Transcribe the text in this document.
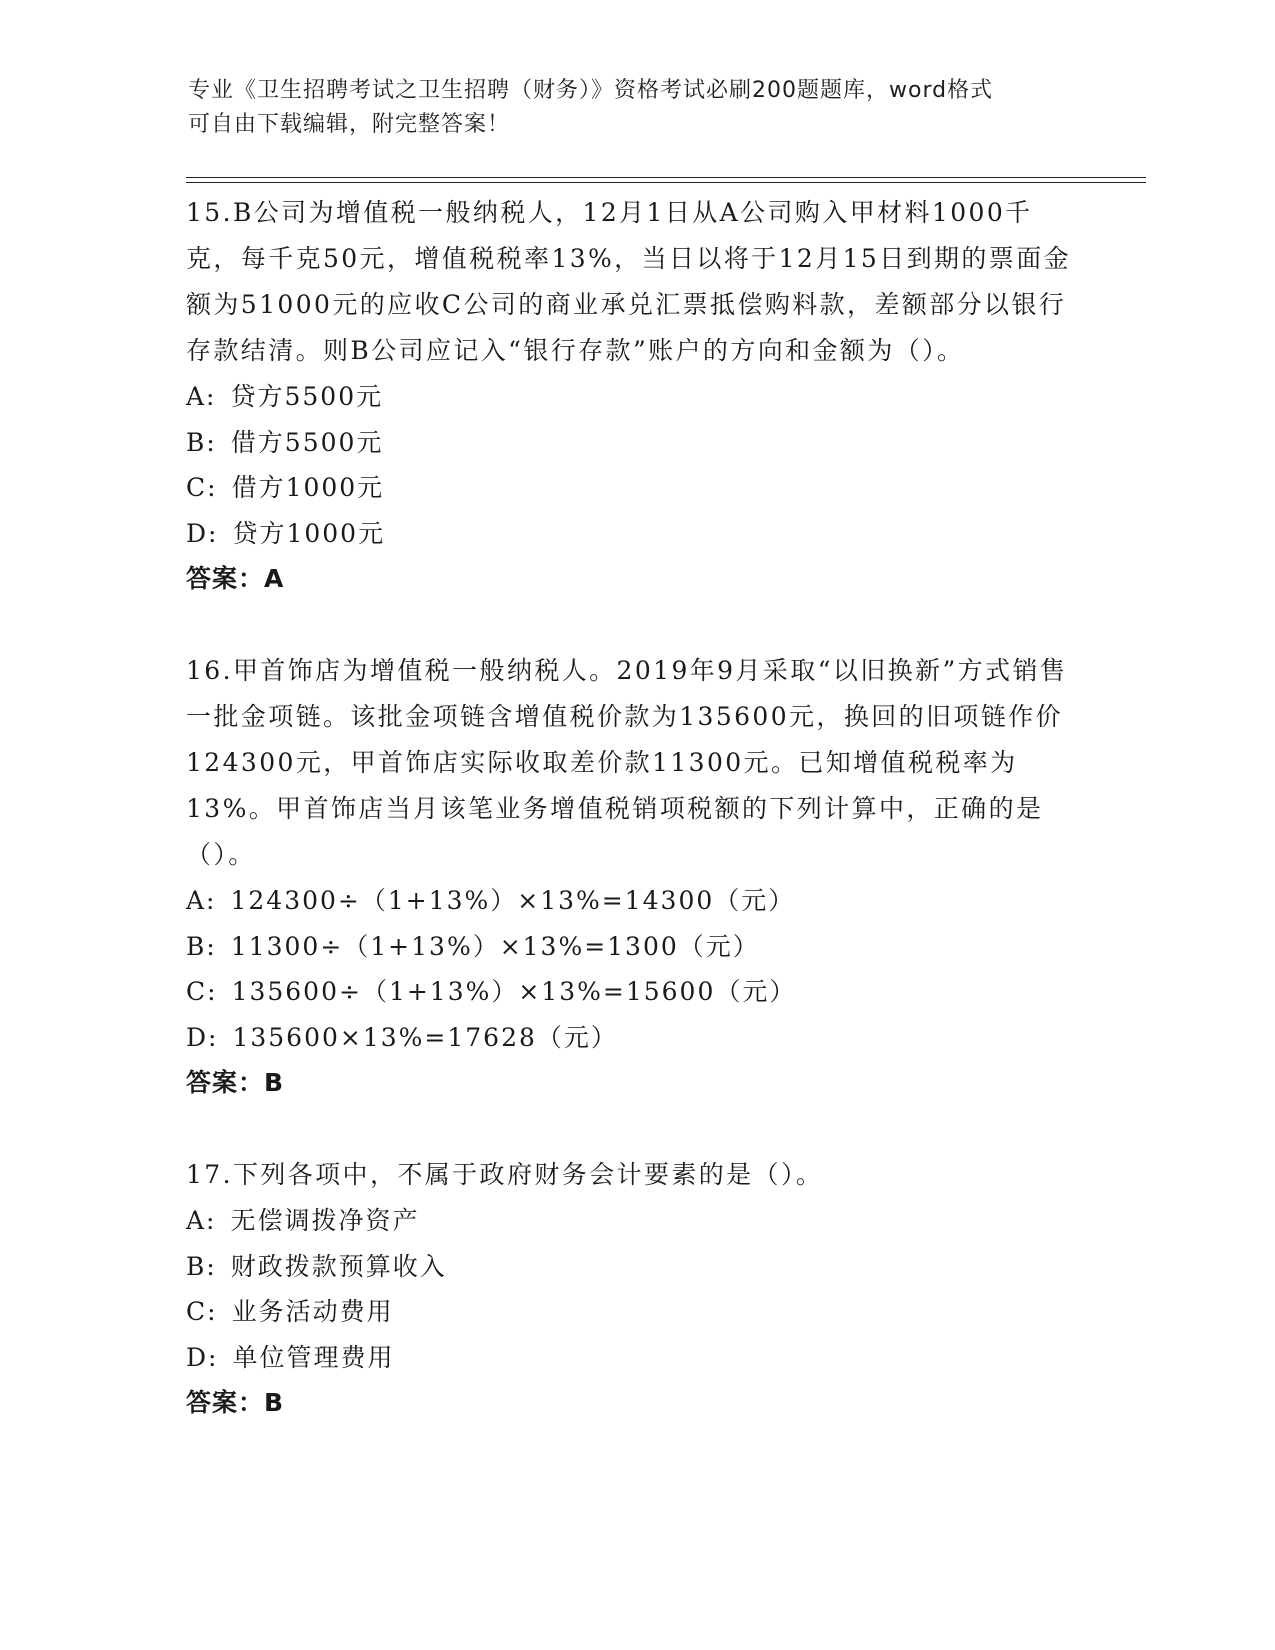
专业《卫生招聘考试之卫生招聘（财务）》资格考试必刷200题题库，word格式
可自由下载编辑，附完整答案！
15.B公司为增值税一般纳税人，12月1日从A公司购入甲材料1000千克，每千克50元，增值税税率13%，当日以将于12月15日到期的票面金额为51000元的应收C公司的商业承兑汇票抵偿购料款，差额部分以银行存款结清。则B公司应记入“银行存款”账户的方向和金额为（）。
A: 贷方5500元
B: 借方5500元
C: 借方1000元
D: 贷方1000元
答案：A
16.甲首饰店为增值税一般纳税人。2019年9月采取“以旧换新”方式销售一批金项链。该批金项链含增值税价款为135600元，换回的旧项链作价124300元，甲首饰店实际收取差价款11300元。已知增值税税率为13%。甲首饰店当月该笔业务增值税销项税额的下列计算中，正确的是（）。
A: 124300÷（1+13%）×13%=14300（元）
B: 11300÷（1+13%）×13%=1300（元）
C: 135600÷（1+13%）×13%=15600（元）
D: 135600×13%=17628（元）
答案：B
17.下列各项中，不属于政府财务会计要素的是（）。
A: 无偿调拨净资产
B: 财政拨款预算收入
C: 业务活动费用
D: 单位管理费用
答案：B
